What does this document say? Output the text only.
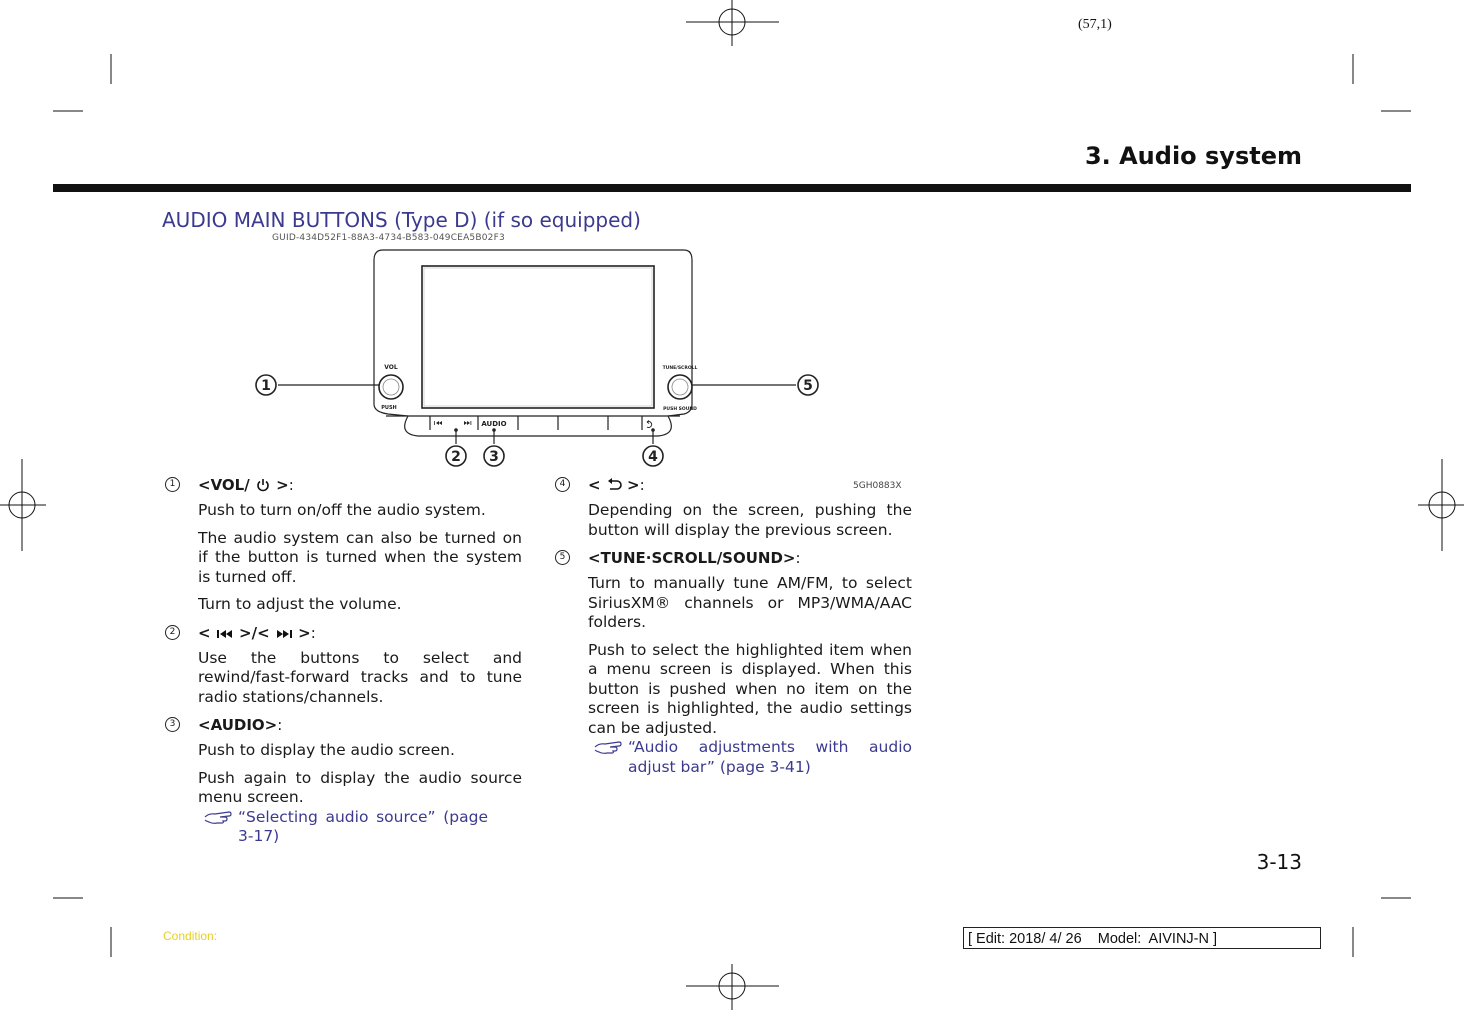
(57,1)
3. Audio system
AUDIO MAIN BUTTONS (Type D) (if so equipped)
GUID-434D52F1-88A3-4734-B583-049CEA5B02F3
1	5
2 3	4
VOL
PUSH
TUNE/SCROLL
PUSH SOUND
AUDIO
5GH0883X
1	<VOL/ >:

Push to turn on/off the audio system.

The audio system can also be turned on if the button is turned when the system is turned off.

Turn to adjust the volume.

2	< >/< >:

Use the buttons to select and rewind/fast-forward tracks and to tune radio stations/channels.

3	<AUDIO>:

Push to display the audio screen.

Push again to display the audio source menu screen.

“Selecting audio source” (page 3-17)
4	< >:

Depending on the screen, pushing the button will display the previous screen.

5	<TUNE·SCROLL/SOUND>:

Turn to manually tune AM/FM, to select SiriusXM® channels or MP3/WMA/AAC folders.

Push to select the highlighted item when a menu screen is displayed. When this button is pushed when no item on the screen is highlighted, the audio settings can be adjusted.

“Audio adjustments with audio adjust bar” (page 3-41)
3-13
Condition:	[ Edit: 2018/ 4/ 26    Model:  AIVINJ-N ]
